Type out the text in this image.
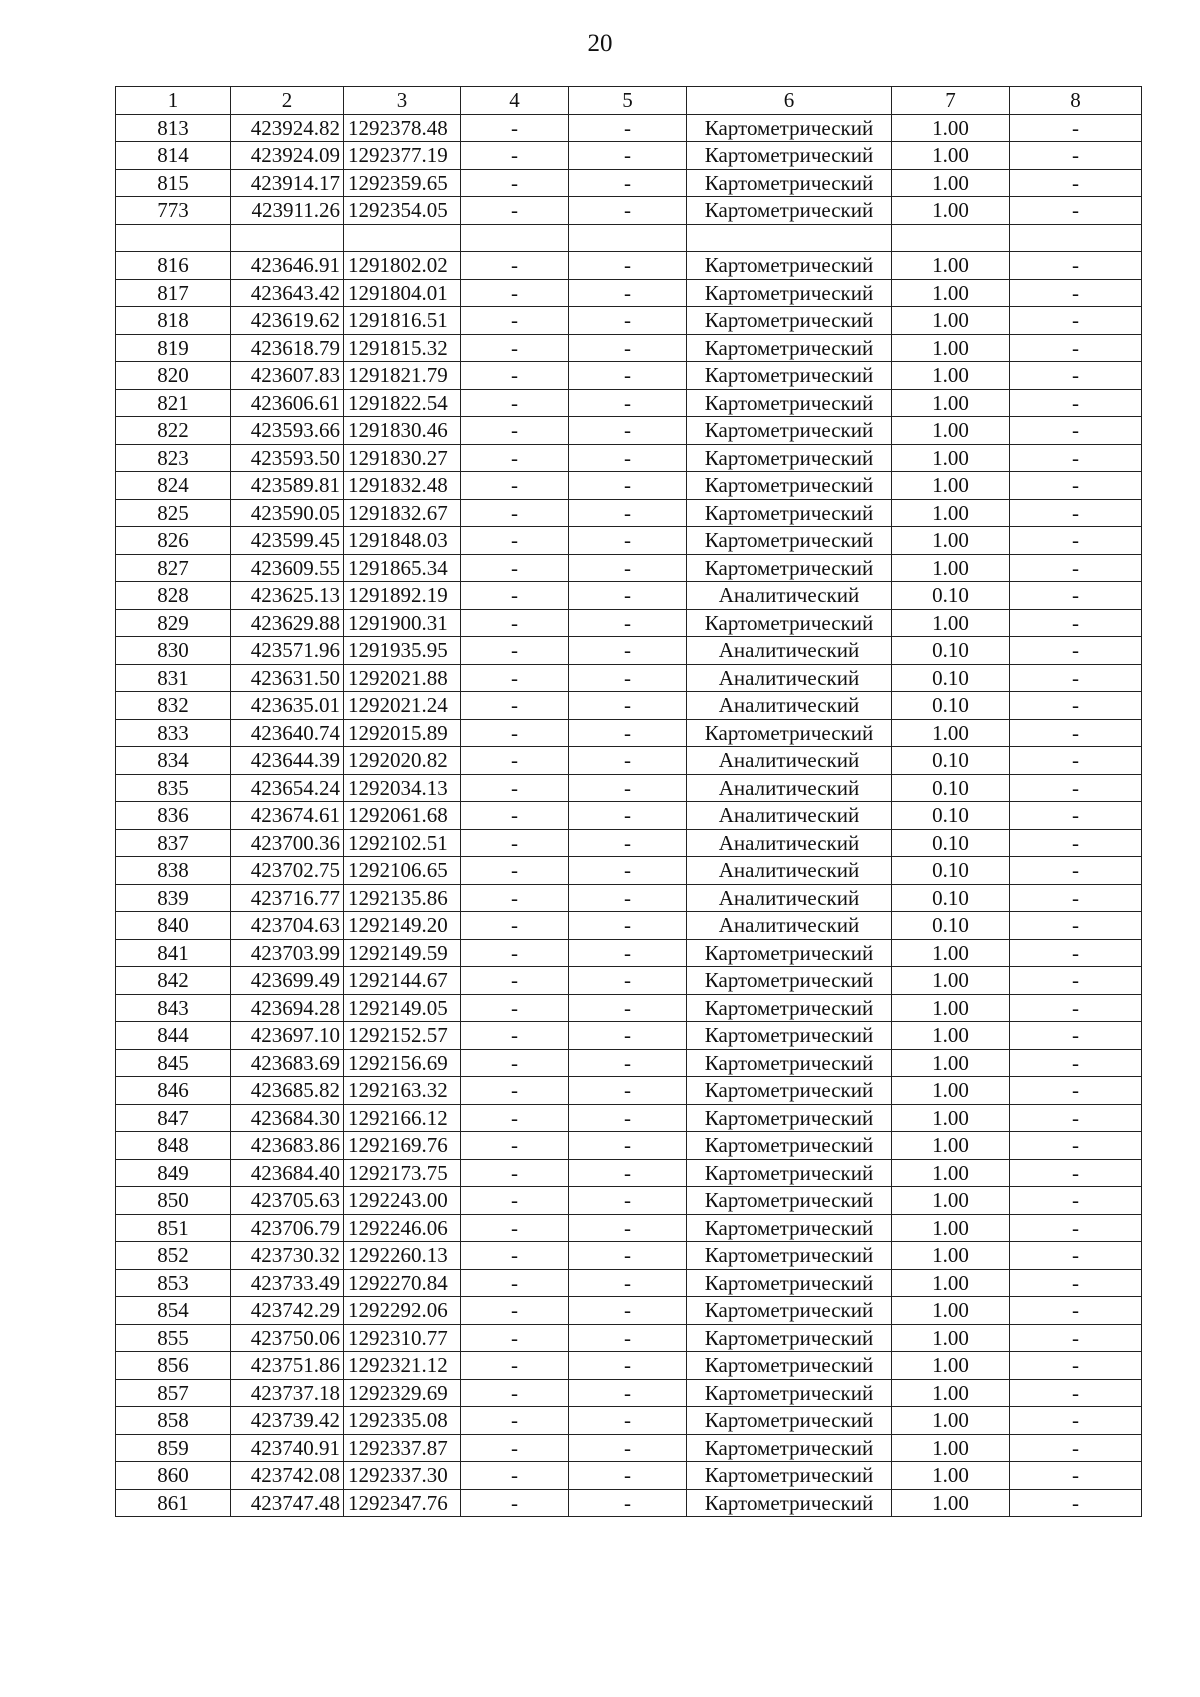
20
1	2	3	4	5	6	7	8
813	423924.82	1292378.48	-	-	Картометрический	1.00	-
814	423924.09	1292377.19	-	-	Картометрический	1.00	-
815	423914.17	1292359.65	-	-	Картометрический	1.00	-
773	423911.26	1292354.05	-	-	Картометрический	1.00	-

816	423646.91	1291802.02	-	-	Картометрический	1.00	-
817	423643.42	1291804.01	-	-	Картометрический	1.00	-
818	423619.62	1291816.51	-	-	Картометрический	1.00	-
819	423618.79	1291815.32	-	-	Картометрический	1.00	-
820	423607.83	1291821.79	-	-	Картометрический	1.00	-
821	423606.61	1291822.54	-	-	Картометрический	1.00	-
822	423593.66	1291830.46	-	-	Картометрический	1.00	-
823	423593.50	1291830.27	-	-	Картометрический	1.00	-
824	423589.81	1291832.48	-	-	Картометрический	1.00	-
825	423590.05	1291832.67	-	-	Картометрический	1.00	-
826	423599.45	1291848.03	-	-	Картометрический	1.00	-
827	423609.55	1291865.34	-	-	Картометрический	1.00	-
828	423625.13	1291892.19	-	-	Аналитический	0.10	-
829	423629.88	1291900.31	-	-	Картометрический	1.00	-
830	423571.96	1291935.95	-	-	Аналитический	0.10	-
831	423631.50	1292021.88	-	-	Аналитический	0.10	-
832	423635.01	1292021.24	-	-	Аналитический	0.10	-
833	423640.74	1292015.89	-	-	Картометрический	1.00	-
834	423644.39	1292020.82	-	-	Аналитический	0.10	-
835	423654.24	1292034.13	-	-	Аналитический	0.10	-
836	423674.61	1292061.68	-	-	Аналитический	0.10	-
837	423700.36	1292102.51	-	-	Аналитический	0.10	-
838	423702.75	1292106.65	-	-	Аналитический	0.10	-
839	423716.77	1292135.86	-	-	Аналитический	0.10	-
840	423704.63	1292149.20	-	-	Аналитический	0.10	-
841	423703.99	1292149.59	-	-	Картометрический	1.00	-
842	423699.49	1292144.67	-	-	Картометрический	1.00	-
843	423694.28	1292149.05	-	-	Картометрический	1.00	-
844	423697.10	1292152.57	-	-	Картометрический	1.00	-
845	423683.69	1292156.69	-	-	Картометрический	1.00	-
846	423685.82	1292163.32	-	-	Картометрический	1.00	-
847	423684.30	1292166.12	-	-	Картометрический	1.00	-
848	423683.86	1292169.76	-	-	Картометрический	1.00	-
849	423684.40	1292173.75	-	-	Картометрический	1.00	-
850	423705.63	1292243.00	-	-	Картометрический	1.00	-
851	423706.79	1292246.06	-	-	Картометрический	1.00	-
852	423730.32	1292260.13	-	-	Картометрический	1.00	-
853	423733.49	1292270.84	-	-	Картометрический	1.00	-
854	423742.29	1292292.06	-	-	Картометрический	1.00	-
855	423750.06	1292310.77	-	-	Картометрический	1.00	-
856	423751.86	1292321.12	-	-	Картометрический	1.00	-
857	423737.18	1292329.69	-	-	Картометрический	1.00	-
858	423739.42	1292335.08	-	-	Картометрический	1.00	-
859	423740.91	1292337.87	-	-	Картометрический	1.00	-
860	423742.08	1292337.30	-	-	Картометрический	1.00	-
861	423747.48	1292347.76	-	-	Картометрический	1.00	-
